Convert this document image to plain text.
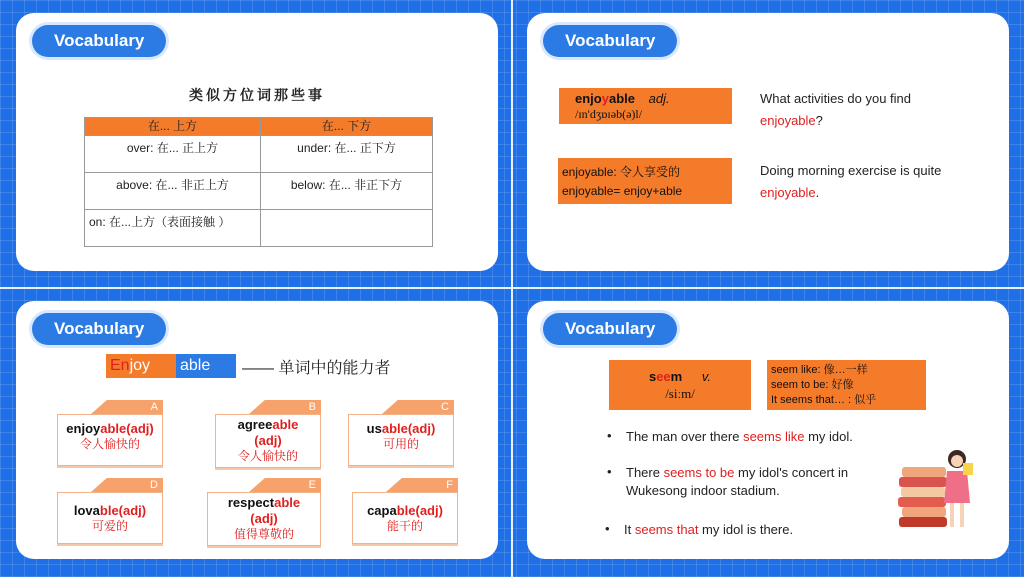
Vocabulary
类似方位词那些事
在... 上方	在... 下方
over: 在... 正上方	under: 在... 正下方
above: 在... 非正上方	below: 在... 非正下方
on: 在...上方（表面接触 ）	
Vocabulary
enjoyable adj.
/ɪn'dʒɒɪəb(ə)l/
enjoyable: 令人享受的
enjoyable= enjoy+able
What activities do you find
enjoyable?
Doing morning exercise is quite
enjoyable.
Vocabulary
Enjoy	able	—— 单词中的能力者
A
enjoyable(adj)
令人愉快的
B
agreeable
(adj)
令人愉快的
C
usable(adj)
可用的
D
lovable(adj)
可爱的
E
respectable
(adj)
值得尊敬的
F
capable(adj)
能干的
Vocabulary
seem v.
/siːm/
seem like: 像…一样
seem to be: 好像
It seems that… : 似乎
• The man over there seems like my idol.
• There seems to be my idol's concert in
Wukesong indoor stadium.
• It seems that my idol is there.
